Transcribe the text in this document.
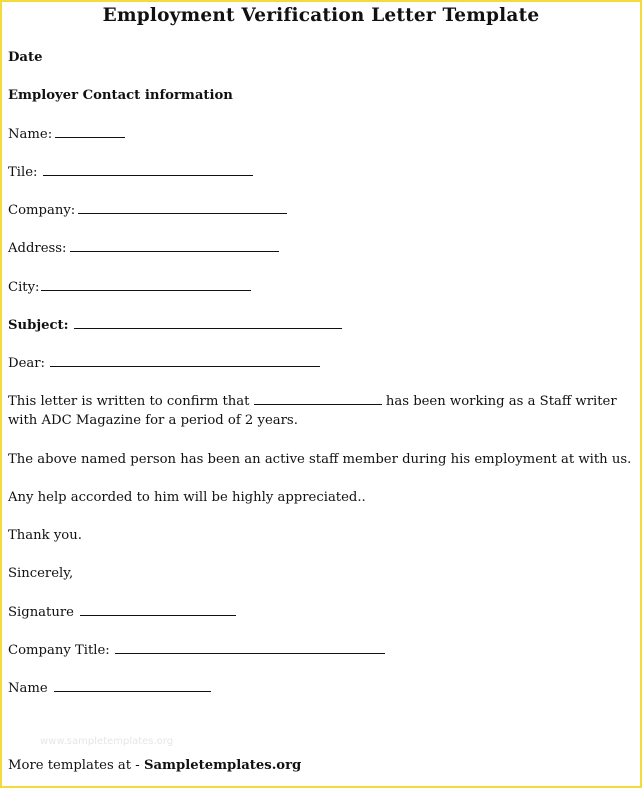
Employment Verification Letter Template
Date
Employer Contact information
Name:
Tile:
Company:
Address:
City:
Subject:
Dear:
This letter is written to confirm that	has been working as a Staff writer with ADC Magazine for a period of 2 years.
The above named person has been an active staff member during his employment at with us.
Any help accorded to him will be highly appreciated..
Thank you.
Sincerely,
Signature
Company Title:
Name
www.sampletemplates.org
More templates at - Sampletemplates.org
